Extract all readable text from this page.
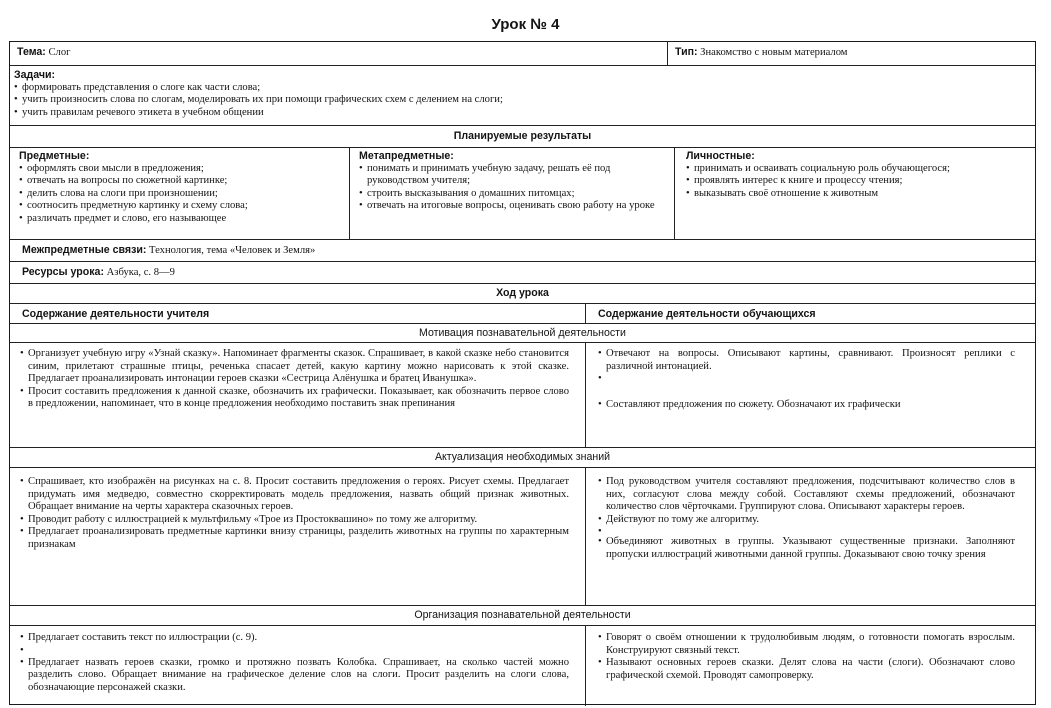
Урок № 4
Тема: Слог	Тип: Знакомство с новым материалом
Задачи:
• формировать представления о слоге как части слова;
• учить произносить слова по слогам, моделировать их при помощи графических схем с делением на слоги;
• учить правилам речевого этикета в учебном общении
Планируемые результаты
Предметные:
• оформлять свои мысли в предложения;
• отвечать на вопросы по сюжетной картинке;
• делить слова на слоги при произношении;
• соотносить предметную картинку и схему слова;
• различать предмет и слово, его называющее
Метапредметные:
• понимать и принимать учебную задачу, решать её под руководством учителя;
• строить высказывания о домашних питомцах;
• отвечать на итоговые вопросы, оценивать свою работу на уроке
Личностные:
• принимать и осваивать социальную роль обучающегося;
• проявлять интерес к книге и процессу чтения;
• выказывать своё отношение к животным
Межпредметные связи: Технология, тема «Человек и Земля»
Ресурсы урока: Азбука, с. 8—9
Ход урока
Содержание деятельности учителя	Содержание деятельности обучающихся
Мотивация познавательной деятельности
• Организует учебную игру «Узнай сказку». Напоминает фрагменты сказок. Спрашивает, в какой сказке небо становится синим, прилетают страшные птицы, реченька спасает детей, какую картину можно нарисовать к этой сказке. Предлагает проанализировать интонации героев сказки «Сестрица Алёнушка и братец Иванушка».
• Просит составить предложения к данной сказке, обозначить их графически. Показывает, как обозначить первое слово в предложении, напоминает, что в конце предложения необходимо поставить знак препинания
• Отвечают на вопросы. Описывают картины, сравнивают. Произносят реплики с различной интонацией.
•
• Составляют предложения по сюжету. Обозначают их графически
Актуализация необходимых знаний
• Спрашивает, кто изображён на рисунках на с. 8. Просит составить предложения о героях. Рисует схемы. Предлагает придумать имя медведю, совместно скорректировать модель предложения, назвать общий признак животных. Обращает внимание на черты характера сказочных героев.
• Проводит работу с иллюстрацией к мультфильму «Трое из Простоквашино» по тому же алгоритму.
• Предлагает проанализировать предметные картинки внизу страницы, разделить животных на группы по характерным признакам
• Под руководством учителя составляют предложения, подсчитывают количество слов в них, согласуют слова между собой. Составляют схемы предложений, обозначают количество слов чёрточками. Группируют слова. Описывают характеры героев.
• Действуют по тому же алгоритму.
•
• Объединяют животных в группы. Указывают существенные признаки. Заполняют пропуски иллюстраций животными данной группы. Доказывают свою точку зрения
Организация познавательной деятельности
• Предлагает составить текст по иллюстрации (с. 9).
•
• Предлагает назвать героев сказки, громко и протяжно позвать Колобка. Спрашивает, на сколько частей можно разделить слово. Обращает внимание на графическое деление слов на слоги. Просит разделить на слоги слова, обозначающие персонажей сказки.
• Говорят о своём отношении к трудолюбивым людям, о готовности помогать взрослым. Конструируют связный текст.
• Называют основных героев сказки. Делят слова на части (слоги). Обозначают слово графической схемой. Проводят самопроверку.
